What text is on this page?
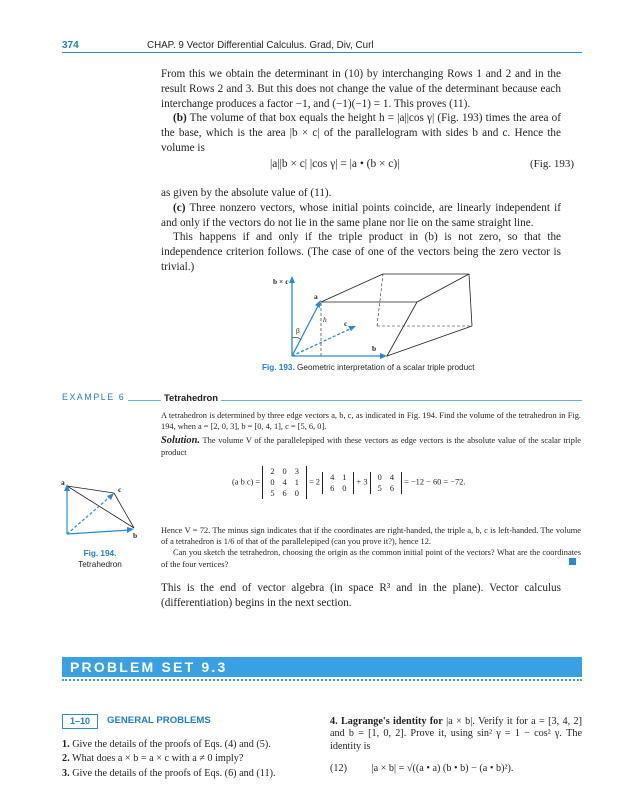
374	CHAP. 9 Vector Differential Calculus. Grad, Div, Curl

From this we obtain the determinant in (10) by interchanging Rows 1 and 2 and in the result Rows 2 and 3. But this does not change the value of the determinant because each interchange produces a factor −1, and (−1)(−1) = 1. This proves (11).

(b) The volume of that box equals the height h = |a||cos γ| (Fig. 193) times the area of the base, which is the area |b × c| of the parallelogram with sides b and c. Hence the volume is

|a||b × c| |cos γ| = |a • (b × c)|	(Fig. 193)

as given by the absolute value of (11).

(c) Three nonzero vectors, whose initial points coincide, are linearly independent if and only if the vectors do not lie in the same plane nor lie on the same straight line.

This happens if and only if the triple product in (b) is not zero, so that the independence criterion follows. (The case of one of the vectors being the zero vector is trivial.)

b × c
a
β
h c
b
Fig. 193. Geometric interpretation of a scalar triple product
EXAMPLE 6	Tetrahedron

A tetrahedron is determined by three edge vectors a, b, c, as indicated in Fig. 194. Find the volume of the tetrahedron in Fig. 194, when a = [2, 0, 3], b = [0, 4, 1], c = [5, 6, 0].

Solution. The volume V of the parallelepiped with these vectors as edge vectors is the absolute value of the scalar triple product

(a b c) =
2	0	3
0	4	1
5	6	0
= 2
4	1
6	0
+ 3
0	4
5	6
= −12 − 60 = −72.

Hence V = 72. The minus sign indicates that if the coordinates are right-handed, the triple a, b, c is left-handed. The volume of a tetrahedron is 1/6 of that of the parallelepiped (can you prove it?), hence 12.

Can you sketch the tetrahedron, choosing the origin as the common initial point of the vectors? What are the coordinates of the four vertices?

a
c
b
Fig. 194.
Tetrahedron

This is the end of vector algebra (in space R³ and in the plane). Vector calculus (differentiation) begins in the next section.

PROBLEM SET 9.3
1–10	GENERAL PROBLEMS

1. Give the details of the proofs of Eqs. (4) and (5).

2. What does a × b = a × c with a ≠ 0 imply?

3. Give the details of the proofs of Eqs. (6) and (11).

4. Lagrange's identity for |a × b|. Verify it for a = [3, 4, 2] and b = [1, 0, 2]. Prove it, using sin² γ = 1 − cos² γ. The identity is

(12) |a × b| = √((a • a) (b • b) − (a • b)²).
